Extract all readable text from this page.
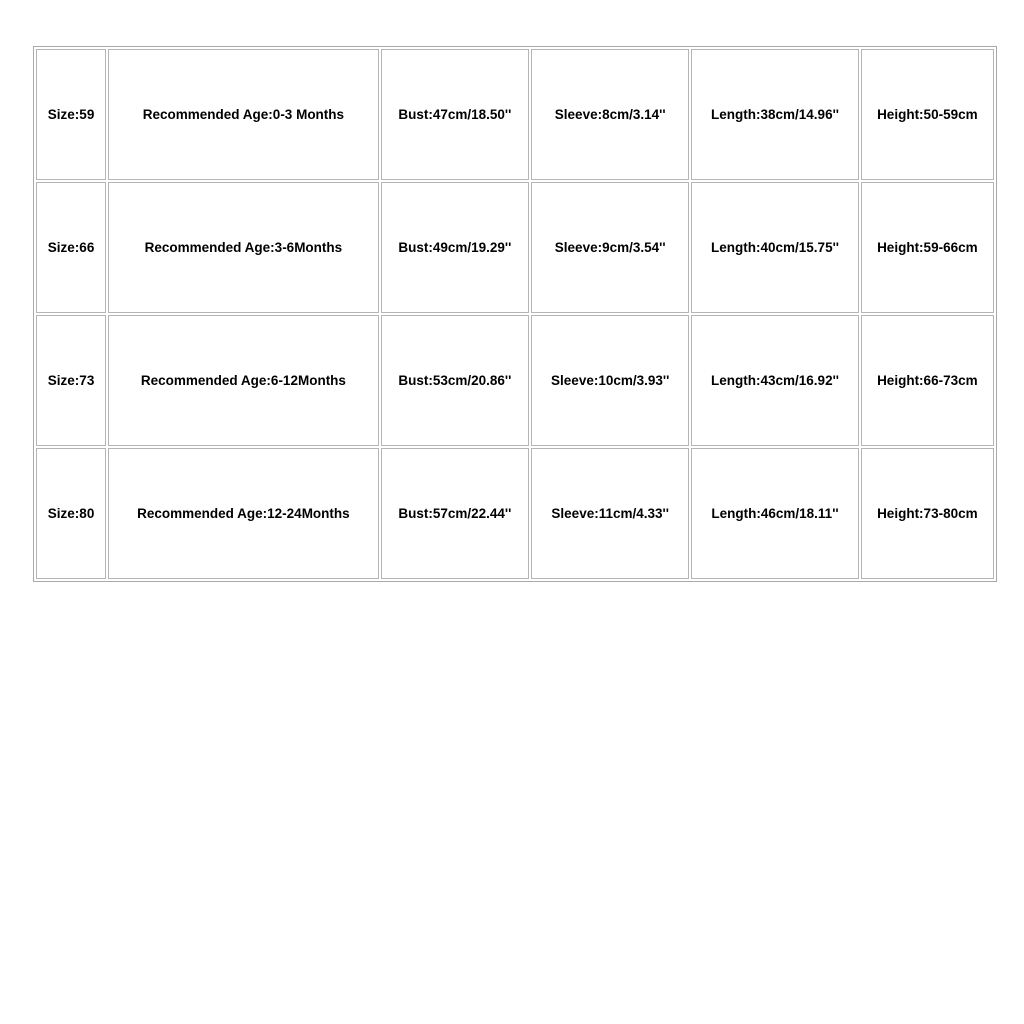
Size:59	Recommended Age:0-3 Months	Bust:47cm/18.50''	Sleeve:8cm/3.14''	Length:38cm/14.96''	Height:50-59cm
Size:66	Recommended Age:3-6Months	Bust:49cm/19.29''	Sleeve:9cm/3.54''	Length:40cm/15.75''	Height:59-66cm
Size:73	Recommended Age:6-12Months	Bust:53cm/20.86''	Sleeve:10cm/3.93''	Length:43cm/16.92''	Height:66-73cm
Size:80	Recommended Age:12-24Months	Bust:57cm/22.44''	Sleeve:11cm/4.33''	Length:46cm/18.11''	Height:73-80cm
